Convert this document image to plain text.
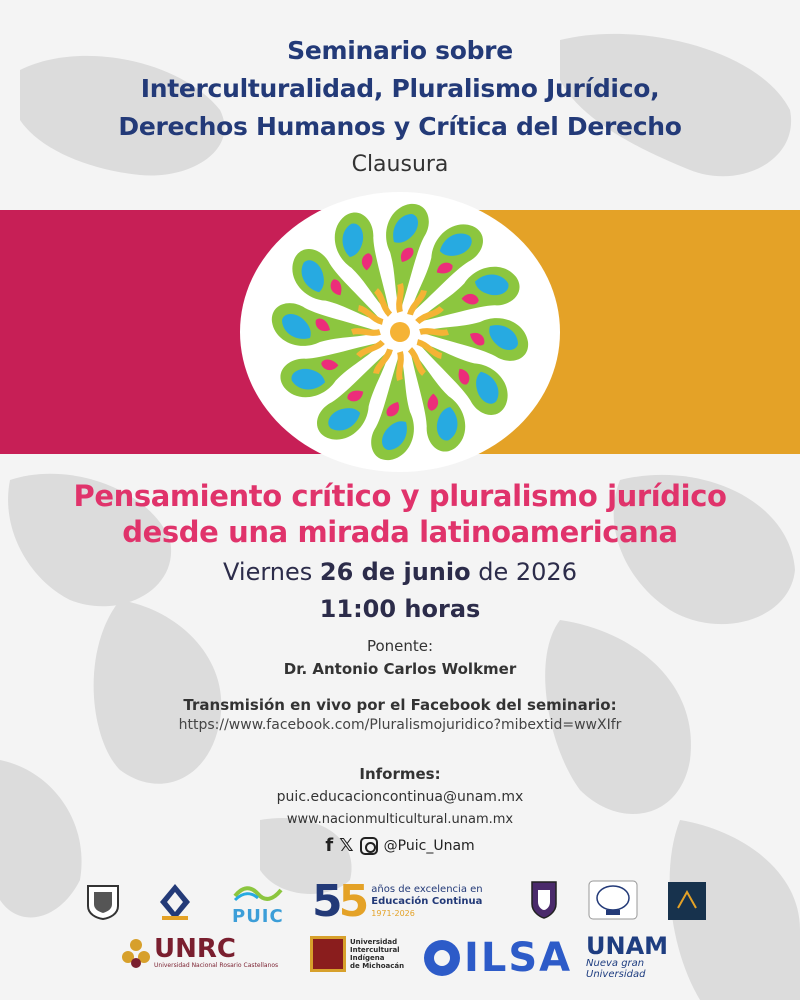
Seminario sobre
Interculturalidad, Pluralismo Jurídico,
Derechos Humanos y Crítica del Derecho
Clausura
Pensamiento crítico y pluralismo jurídico
desde una mirada latinoamericana
Viernes 26 de junio de 2026
11:00 horas
Ponente:
Dr. Antonio Carlos Wolkmer
Transmisión en vivo por el Facebook del seminario:
https://www.facebook.com/Pluralismojuridico?mibextid=wwXIfr
Informes:
puic.educacioncontinua@unam.mx
www.nacionmulticultural.unam.mx
f 𝕏 @Puic_Unam
PUIC 55 años de excelencia en
Educación Continua
1971-2026
UNRC
Universidad Nacional Rosario Castellanos
Universidad
Intercultural
Indígena
de Michoacán ILSA UNAM
Nueva gran
Universidad
